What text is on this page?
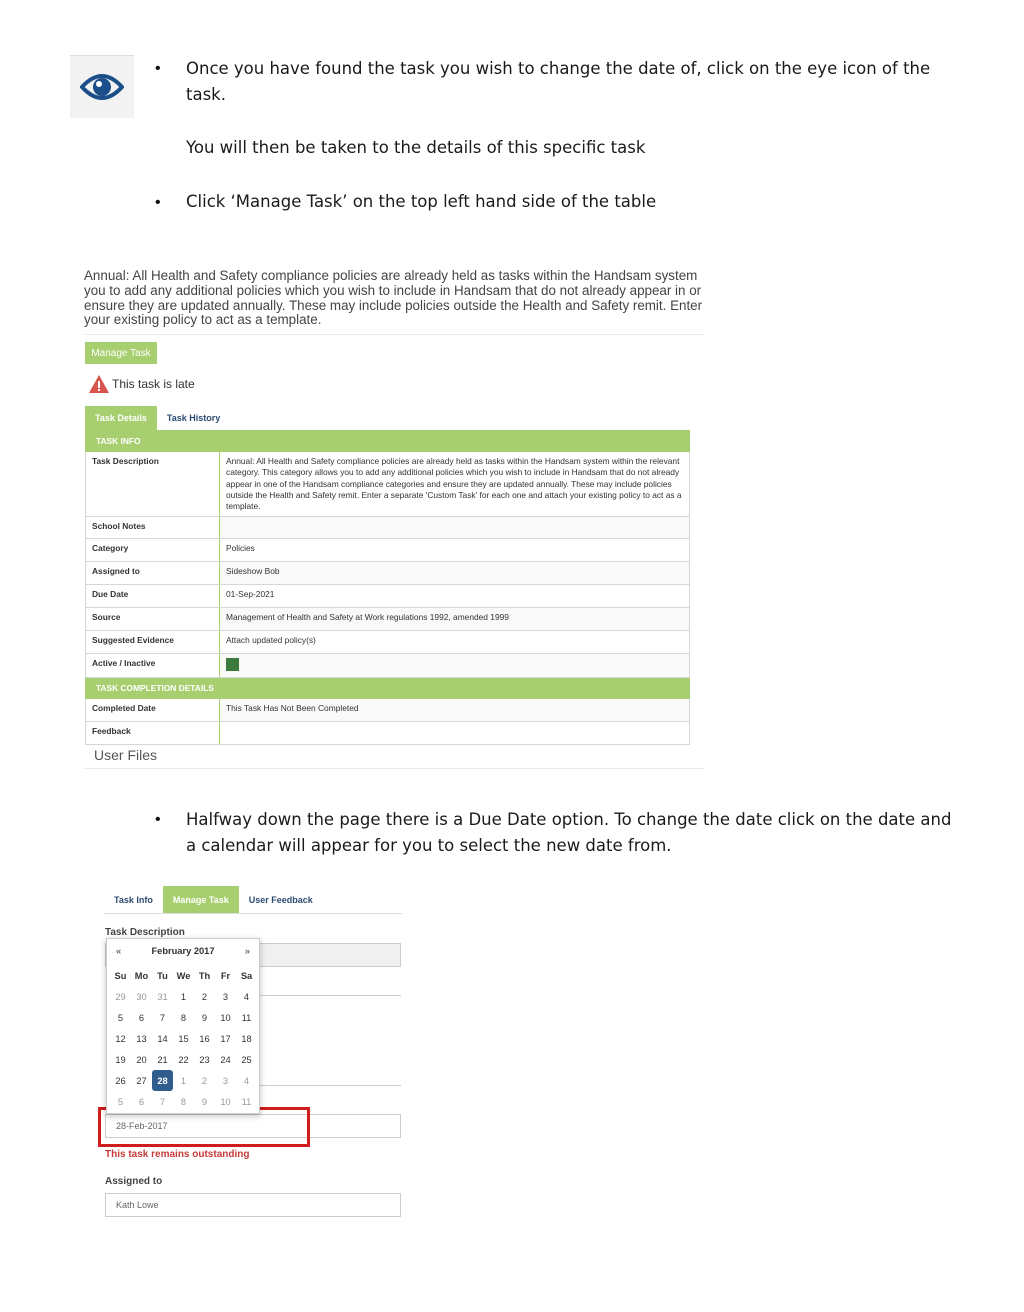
• Once you have found the task you wish to change the date of, click on the eye icon of the
task.
You will then be taken to the details of this specific task
• Click ‘Manage Task’ on the top left hand side of the table
Annual: All Health and Safety compliance policies are already held as tasks within the Handsam system
you to add any additional policies which you wish to include in Handsam that do not already appear in or
ensure they are updated annually. These may include policies outside the Health and Safety remit. Enter
your existing policy to act as a template.
Manage Task
This task is late
Task Details	Task History
TASK INFO	
Task Description	Annual: All Health and Safety compliance policies are already held as tasks within the Handsam system within the relevant category. This category allows you to add any additional policies which you wish to include in Handsam that do not already appear in one of the Handsam compliance categories and ensure they are updated annually. These may include policies outside the Health and Safety remit. Enter a separate 'Custom Task' for each one and attach your existing policy to act as a template.
School Notes	
Category	Policies
Assigned to	Sideshow Bob
Due Date	01-Sep-2021
Source	Management of Health and Safety at Work regulations 1992, amended 1999
Suggested Evidence	Attach updated policy(s)
Active / Inactive	
TASK COMPLETION DETAILS	
Completed Date	This Task Has Not Been Completed
Feedback	
User Files
• Halfway down the page there is a Due Date option. To change the date click on the date and
a calendar will appear for you to select the new date from.
Task Info	Manage Task	User Feedback
Task Description
28-Feb-2017
This task remains outstanding
Assigned to
Kath Lowe
«	February 2017	»
Su Mo Tu We Th	Fr	Sa
29	30	31	1	2	3	4
5	6	7	8	9	10	11
12	13	14	15	16	17	18
19	20	21	22	23	24	25
26	27	28	1	2	3	4
5	6	7	8	9	10	11
